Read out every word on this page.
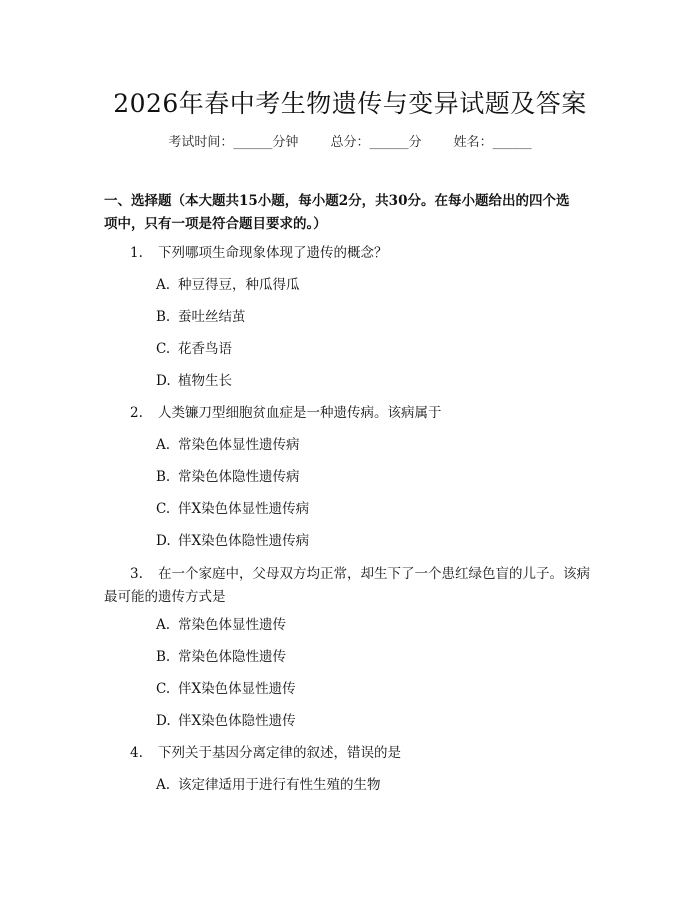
2026年春中考生物遗传与变异试题及答案
考试时间：______分钟 总分：______分 姓名：______
一、选择题（本大题共15小题，每小题2分，共30分。在每小题给出的四个选
项中，只有一项是符合题目要求的。）
1. 下列哪项生命现象体现了遗传的概念？
A. 种豆得豆，种瓜得瓜
B. 蚕吐丝结茧
C. 花香鸟语
D. 植物生长
2. 人类镰刀型细胞贫血症是一种遗传病。该病属于
A. 常染色体显性遗传病
B. 常染色体隐性遗传病
C. 伴X染色体显性遗传病
D. 伴X染色体隐性遗传病
3. 在一个家庭中，父母双方均正常，却生下了一个患红绿色盲的儿子。该病
最可能的遗传方式是
A. 常染色体显性遗传
B. 常染色体隐性遗传
C. 伴X染色体显性遗传
D. 伴X染色体隐性遗传
4. 下列关于基因分离定律的叙述，错误的是
A. 该定律适用于进行有性生殖的生物
